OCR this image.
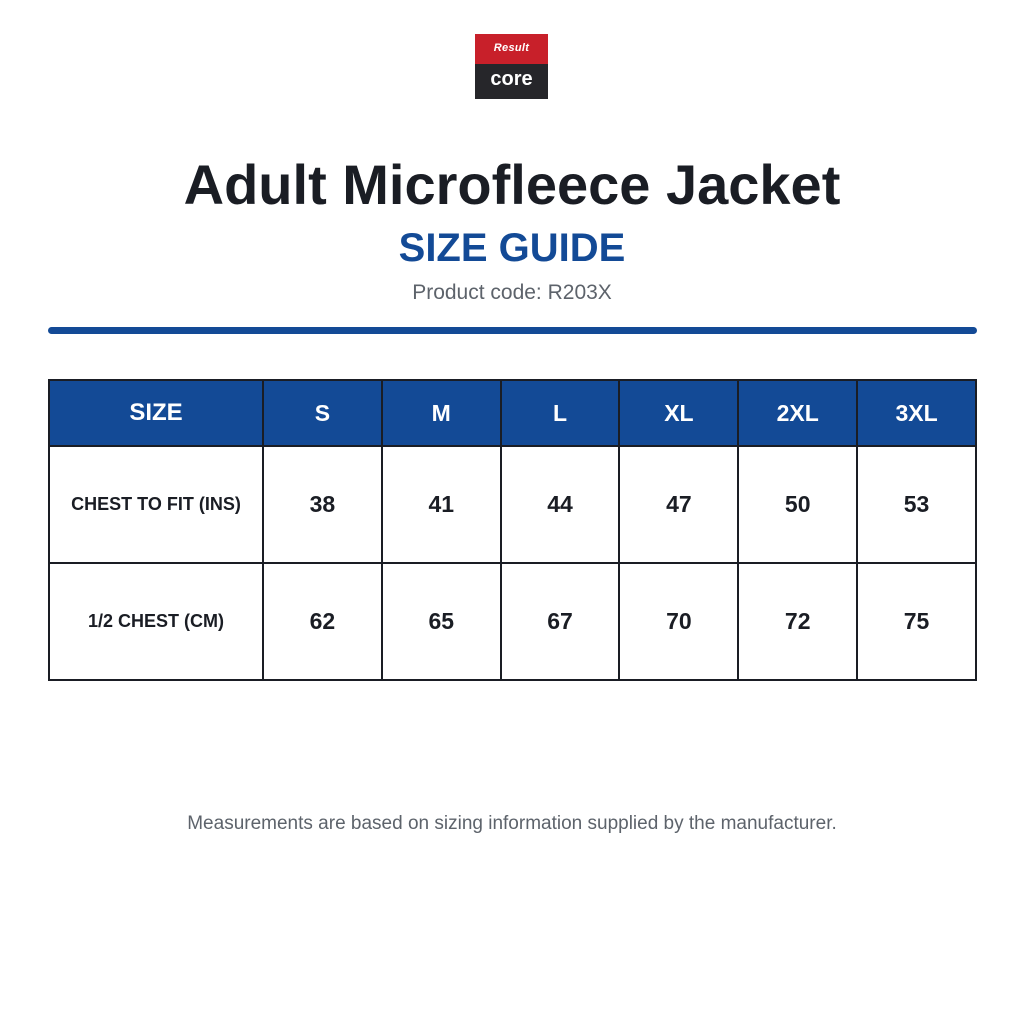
Result
core
Adult Microfleece Jacket
SIZE GUIDE
Product code: R203X
SIZE	S	M	L	XL	2XL	3XL
CHEST TO FIT (INS)	38	41	44	47	50	53
1/2 CHEST (CM)	62	65	67	70	72	75
Measurements are based on sizing information supplied by the manufacturer.
